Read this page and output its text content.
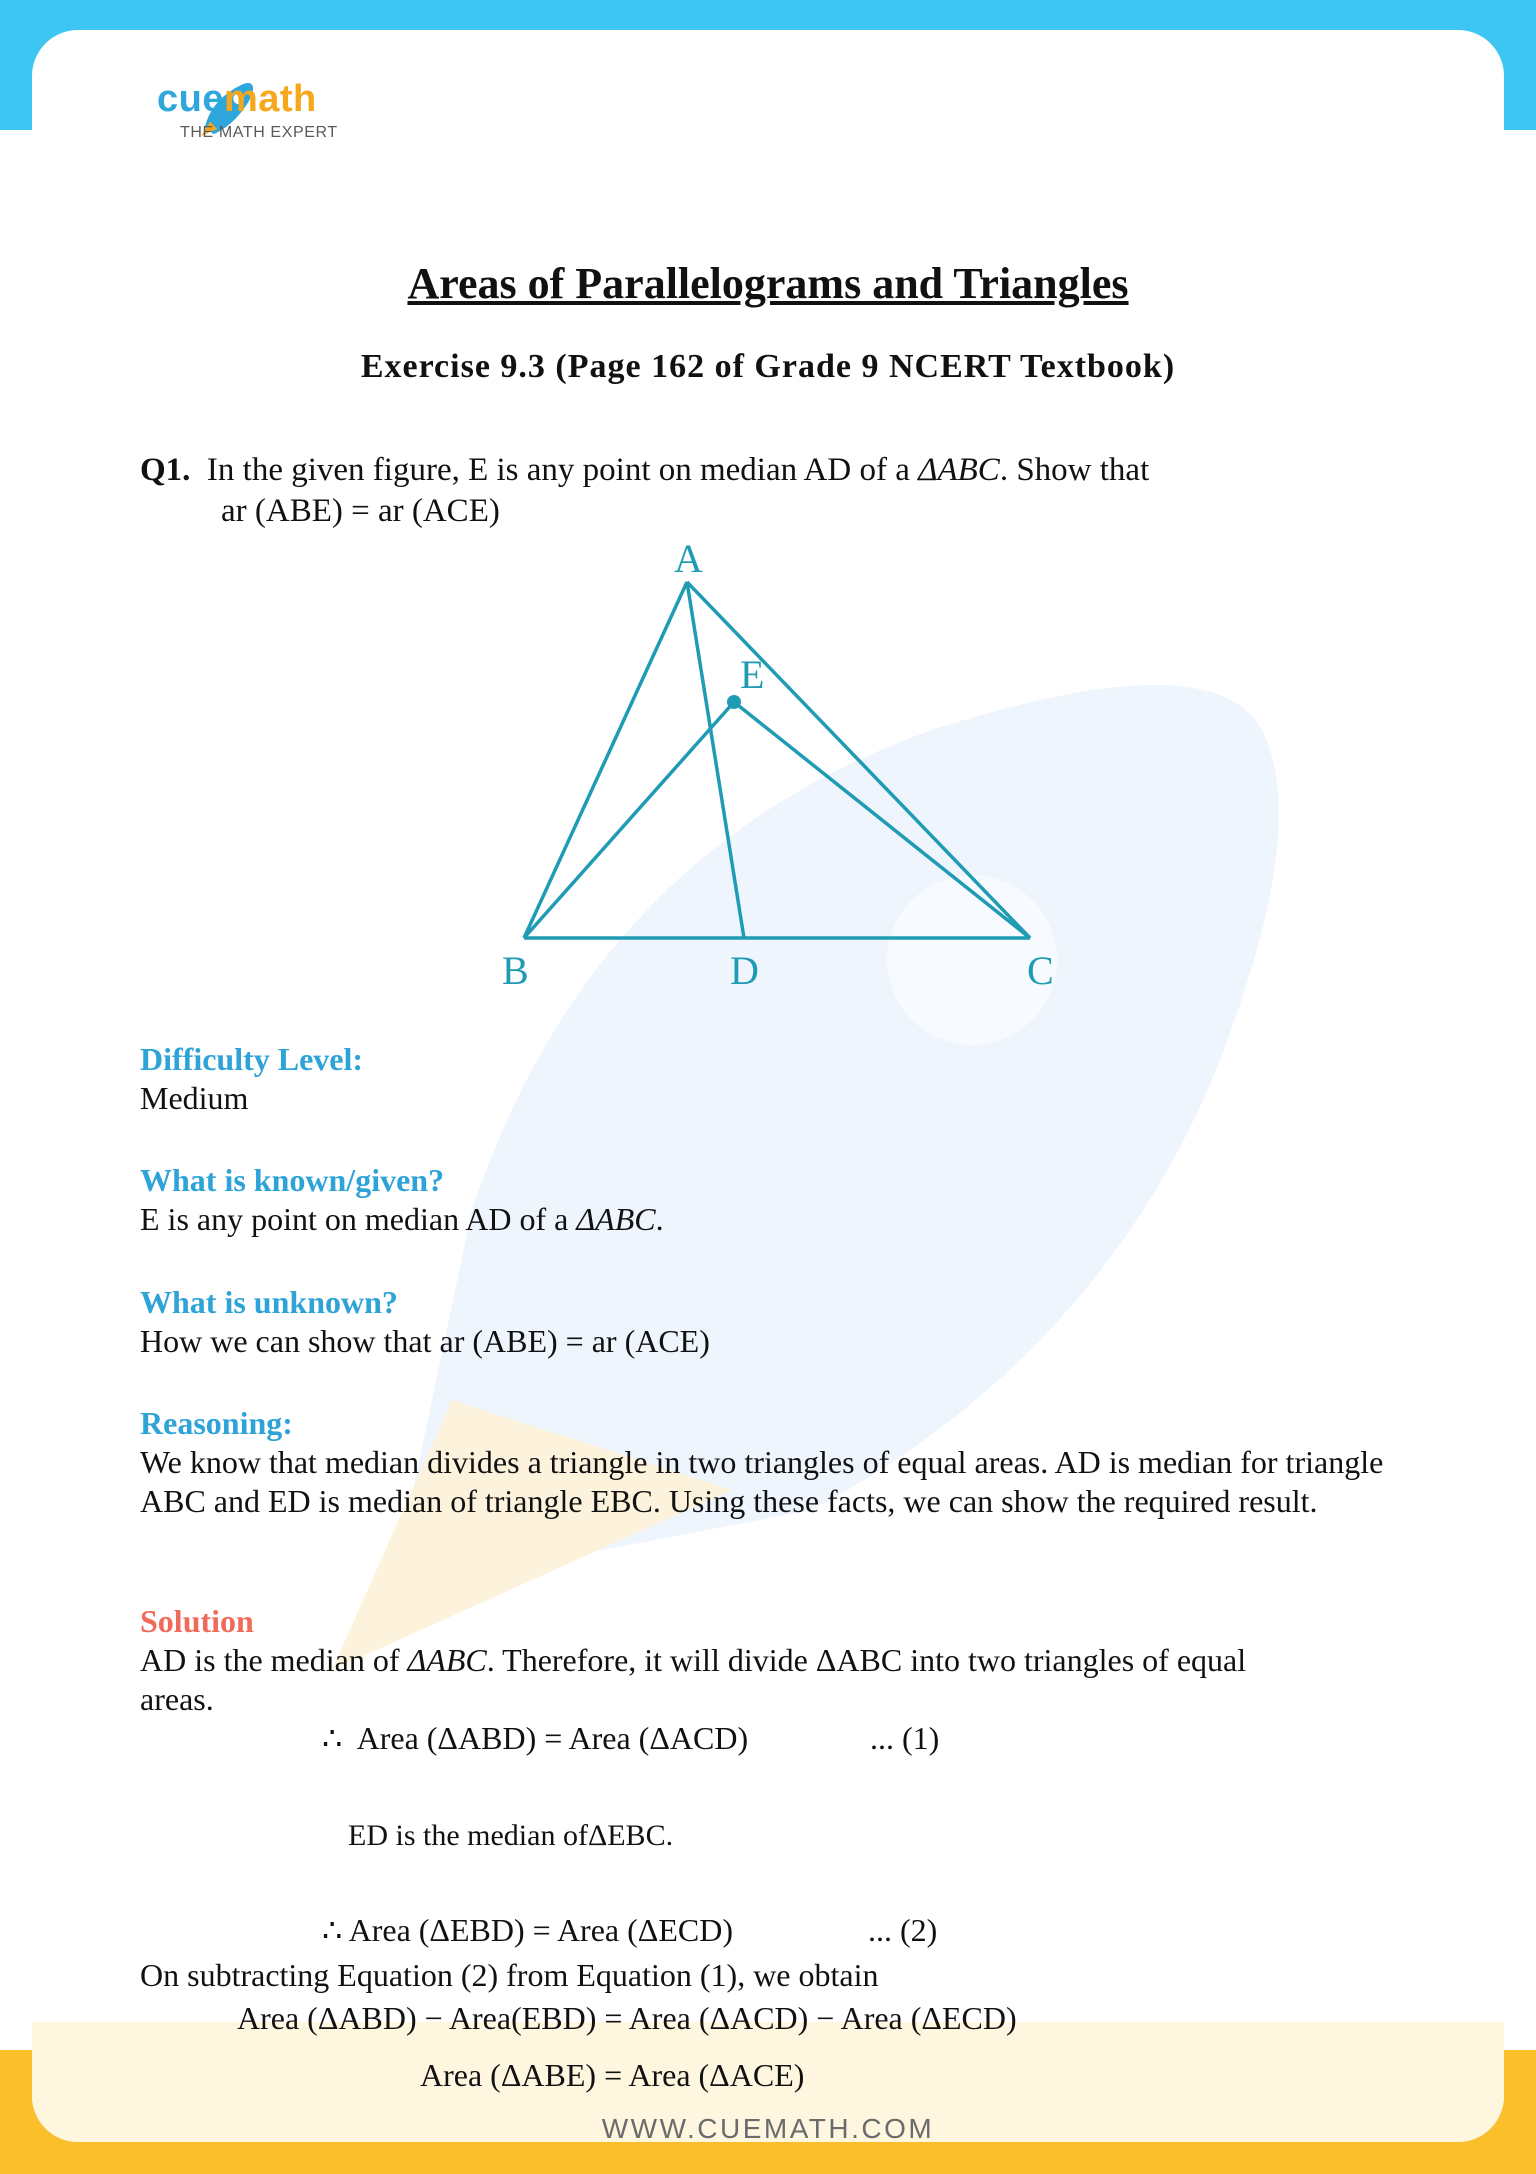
cuemath
THE MATH EXPERT
Areas of Parallelograms and Triangles
Exercise 9.3 (Page 162 of Grade 9 NCERT Textbook)
Q1. In the given figure, E is any point on median AD of a ΔABC. Show that
ar (ABE) = ar (ACE)
A
E
B	D	C
Difficulty Level:
Medium
What is known/given?
E is any point on median AD of a ΔABC.
What is unknown?
How we can show that ar (ABE) = ar (ACE)
Reasoning:
We know that median divides a triangle in two triangles of equal areas. AD is median for triangle ABC and ED is median of triangle EBC. Using these facts, we can show the required result.
Solution
AD is the median of ΔABC. Therefore, it will divide ΔABC into two triangles of equal areas.
∴  Area (ΔABD) = Area (ΔACD)	... (1)
ED is the median ofΔEBC.
∴ Area (ΔEBD) = Area (ΔECD)	... (2)
On subtracting Equation (2) from Equation (1), we obtain
Area (ΔABD) − Area(EBD) = Area (ΔACD) − Area (ΔECD)
Area (ΔABE) = Area (ΔACE)
WWW.CUEMATH.COM
